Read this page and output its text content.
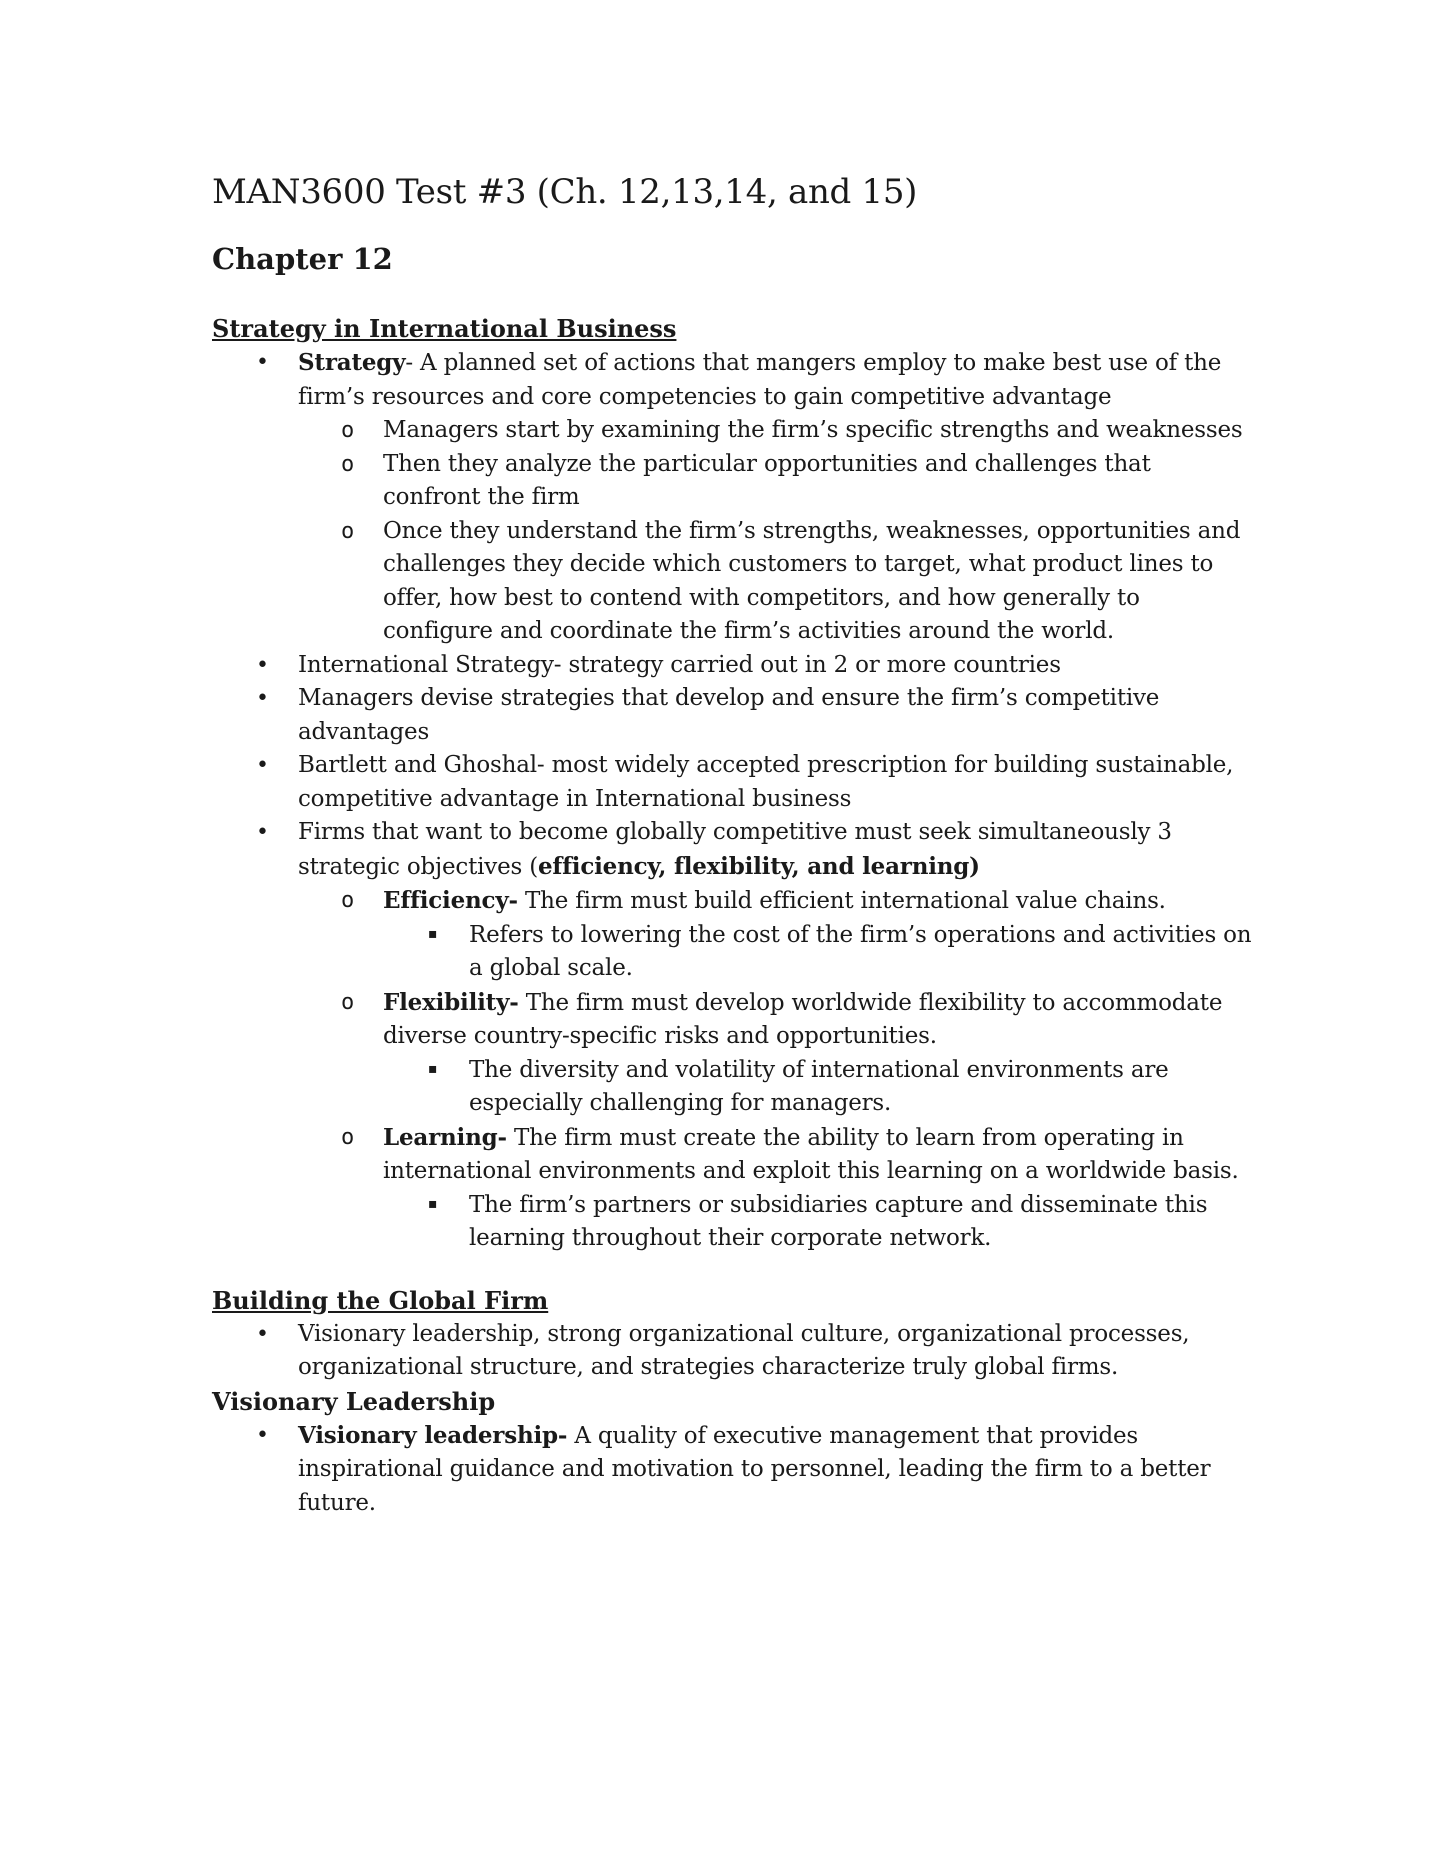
MAN3600 Test #3 (Ch. 12,13,14, and 15)
Chapter 12
Strategy in International Business
• Strategy- A planned set of actions that mangers employ to make best use of the firm’s resources and core competencies to gain competitive advantage
o Managers start by examining the firm’s specific strengths and weaknesses
o Then they analyze the particular opportunities and challenges that confront the firm
o Once they understand the firm’s strengths, weaknesses, opportunities and challenges they decide which customers to target, what product lines to offer, how best to contend with competitors, and how generally to configure and coordinate the firm’s activities around the world.
• International Strategy- strategy carried out in 2 or more countries
• Managers devise strategies that develop and ensure the firm’s competitive advantages
• Bartlett and Ghoshal- most widely accepted prescription for building sustainable, competitive advantage in International business
• Firms that want to become globally competitive must seek simultaneously 3 strategic objectives (efficiency, flexibility, and learning)
o Efficiency- The firm must build efficient international value chains.
▪ Refers to lowering the cost of the firm’s operations and activities on a global scale.
o Flexibility- The firm must develop worldwide flexibility to accommodate diverse country-specific risks and opportunities.
▪ The diversity and volatility of international environments are especially challenging for managers.
o Learning- The firm must create the ability to learn from operating in international environments and exploit this learning on a worldwide basis.
▪ The firm’s partners or subsidiaries capture and disseminate this learning throughout their corporate network.
Building the Global Firm
• Visionary leadership, strong organizational culture, organizational processes, organizational structure, and strategies characterize truly global firms.
Visionary Leadership
• Visionary leadership- A quality of executive management that provides inspirational guidance and motivation to personnel, leading the firm to a better future.
